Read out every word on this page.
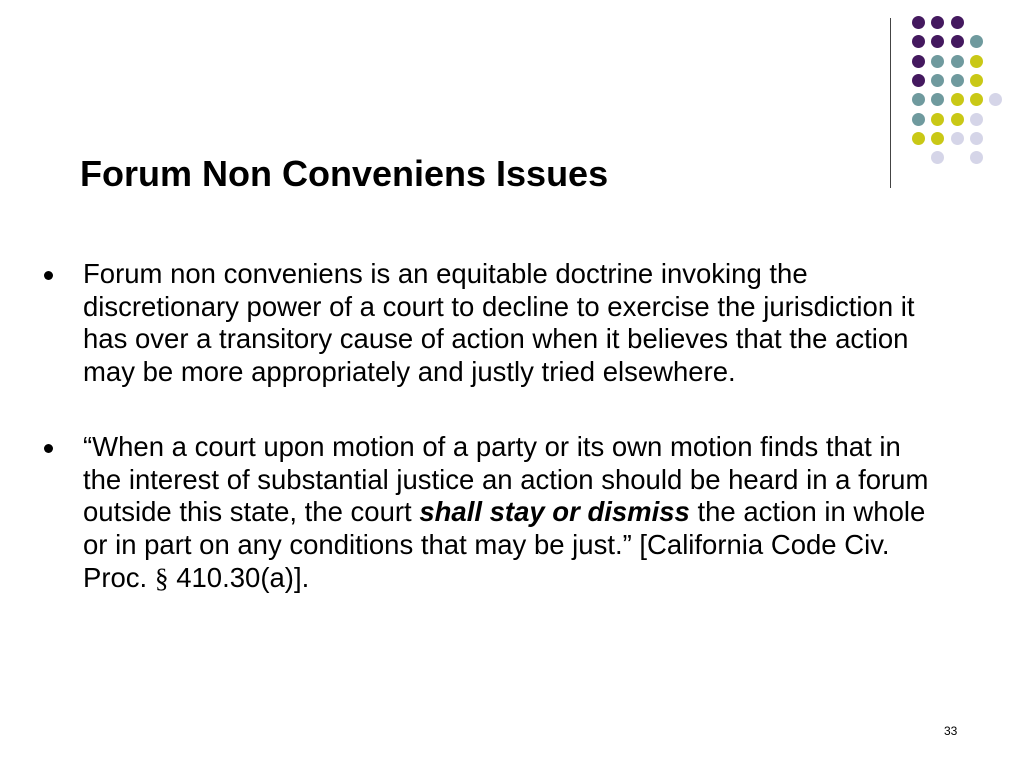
Forum Non Conveniens Issues
Forum non conveniens is an equitable doctrine invoking the discretionary power of a court to decline to exercise the jurisdiction it has over a transitory cause of action when it believes that the action may be more appropriately and justly tried elsewhere.
“When a court upon motion of a party or its own motion finds that in the interest of substantial justice an action should be heard in a forum outside this state, the court shall stay or dismiss the action in whole or in part on any conditions that may be just.” [California Code Civ. Proc. § 410.30(a)].
33
